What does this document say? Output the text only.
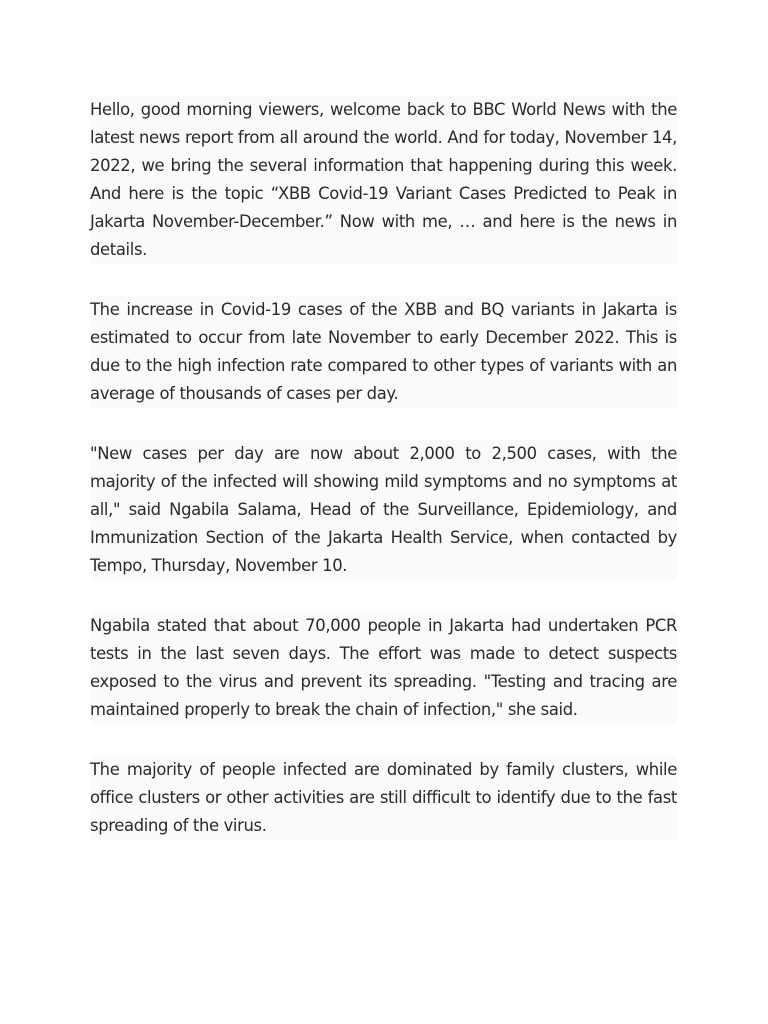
Hello, good morning viewers, welcome back to BBC World News with the latest news report from all around the world. And for today, November 14, 2022, we bring the several information that happening during this week. And here is the topic “XBB Covid-19 Variant Cases Predicted to Peak in Jakarta November-December.” Now with me, … and here is the news in details.

The increase in Covid-19 cases of the XBB and BQ variants in Jakarta is estimated to occur from late November to early December 2022. This is due to the high infection rate compared to other types of variants with an average of thousands of cases per day.

"New cases per day are now about 2,000 to 2,500 cases, with the majority of the infected will showing mild symptoms and no symptoms at all," said Ngabila Salama, Head of the Surveillance, Epidemiology, and Immunization Section of the Jakarta Health Service, when contacted by Tempo, Thursday, November 10.

Ngabila stated that about 70,000 people in Jakarta had undertaken PCR tests in the last seven days. The effort was made to detect suspects exposed to the virus and prevent its spreading. "Testing and tracing are maintained properly to break the chain of infection," she said.

The majority of people infected are dominated by family clusters, while office clusters or other activities are still difficult to identify due to the fast spreading of the virus.
